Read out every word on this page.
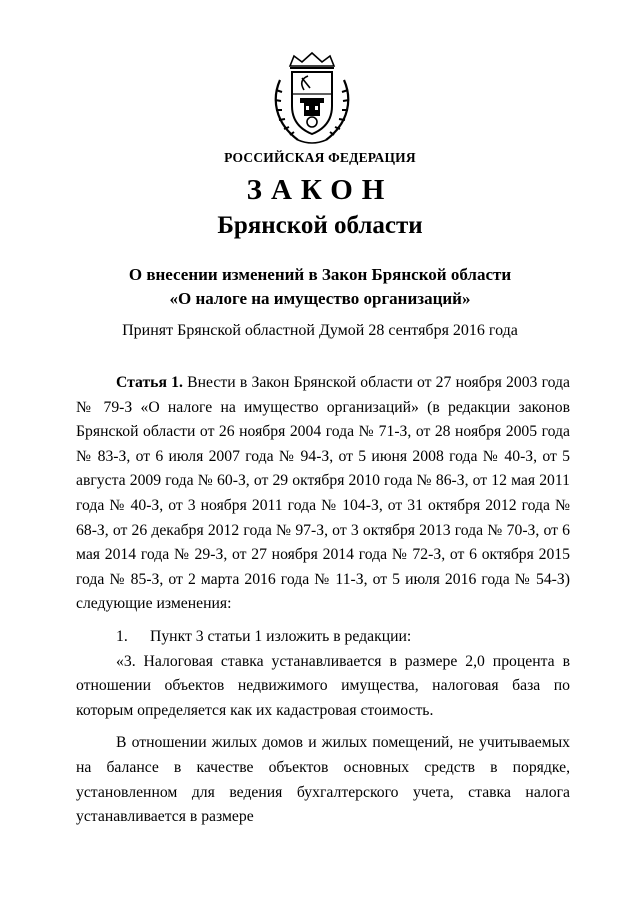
РОССИЙСКАЯ ФЕДЕРАЦИЯ
ЗАКОН
Брянской области
О внесении изменений в Закон Брянской области
«О налоге на имущество организаций»
Принят Брянской областной Думой 28 сентября 2016 года

Статья 1. Внести в Закон Брянской области от 27 ноября 2003 года № 79-З «О налоге на имущество организаций» (в редакции законов Брянской области от 26 ноября 2004 года № 71-З, от 28 ноября 2005 года № 83-З, от 6 июля 2007 года № 94-З, от 5 июня 2008 года № 40-З, от 5 августа 2009 года № 60-З, от 29 октября 2010 года № 86-З, от 12 мая 2011 года № 40-З, от 3 ноября 2011 года № 104-З, от 31 октября 2012 года № 68-З, от 26 декабря 2012 года № 97-З, от 3 октября 2013 года № 70-З, от 6 мая 2014 года № 29-З, от 27 ноября 2014 года № 72-З, от 6 октября 2015 года № 85-З, от 2 марта 2016 года № 11-З, от 5 июля 2016 года № 54-З) следующие изменения:

1. Пункт 3 статьи 1 изложить в редакции:

«3. Налоговая ставка устанавливается в размере 2,0 процента в отношении объектов недвижимого имущества, налоговая база по которым определяется как их кадастровая стоимость.

В отношении жилых домов и жилых помещений, не учитываемых на балансе в качестве объектов основных средств в порядке, установленном для ведения бухгалтерского учета, ставка налога устанавливается в размере
